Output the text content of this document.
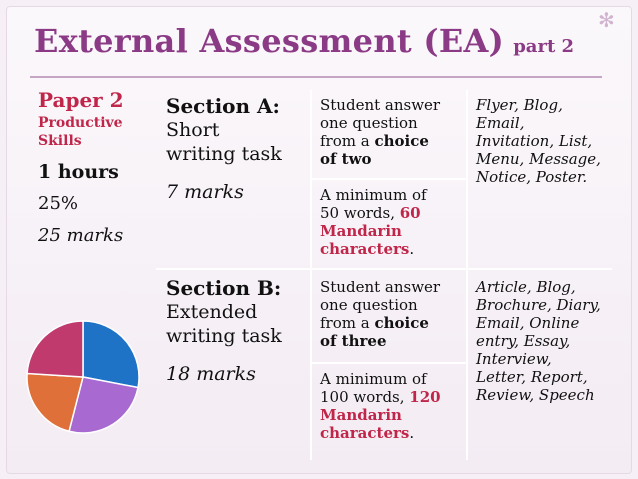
✻
External Assessment (EA) part 2
Paper 2
Productive
Skills
1 hours
25%
25 marks
Section A:
Short
writing task
7 marks
Student answer
one question
from a choice
of two
A minimum of
50 words, 60
Mandarin
characters.
Flyer, Blog,
Email,
Invitation, List,
Menu, Message,
Notice, Poster.
Section B:
Extended
writing task
18 marks
Student answer
one question
from a choice
of three
A minimum of
100 words, 120
Mandarin
characters.
Article, Blog,
Brochure, Diary,
Email, Online
entry, Essay,
Interview,
Letter, Report,
Review, Speech
